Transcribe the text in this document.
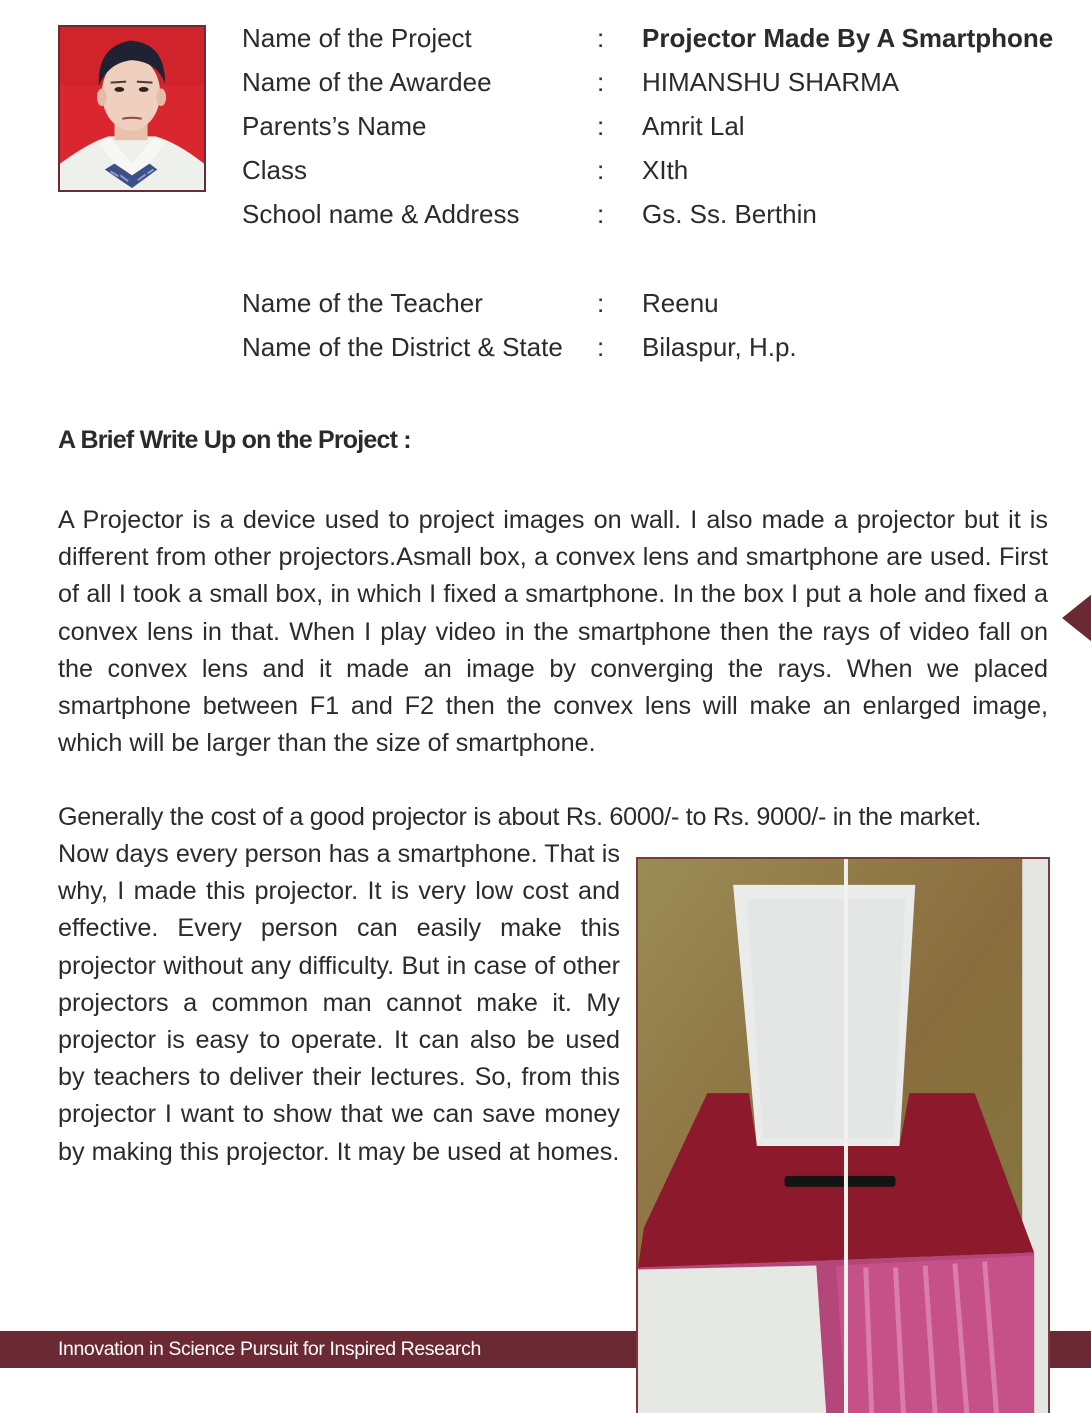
Name of the Project	: Projector Made By A Smartphone
Name of the Awardee	: HIMANSHU SHARMA
Parents’s Name	: Amrit Lal
Class	: XIth
School name & Address	: Gs. Ss. Berthin
Name of the Teacher	: Reenu
Name of the District & State : Bilaspur, H.p.
A Brief Write Up on the Project :

A Projector is a device used to project images on wall. I also made a projector but it is different from other projectors.Asmall box, a convex lens and smartphone are used. First of all I took a small box, in which I fixed a smartphone. In the box I put a hole and fixed a convex lens in that. When I play video in the smartphone then the rays of video fall on the convex lens and it made an image by converging the rays. When we placed smartphone between F1 and F2 then the convex lens will make an enlarged image, which will be larger than the size of smartphone.

Generally the cost of a good projector is about Rs. 6000/- to Rs. 9000/- in the market.

Now days every person has a smartphone. That is why, I made this projector. It is very low cost and effective. Every person can easily make this projector without any difficulty. But in case of other projectors a common man cannot make it. My projector is easy to operate. It can also be used by teachers to deliver their lectures. So, from this projector I want to show that we can save money by making this projector. It may be used at homes.

Innovation in Science Pursuit for Inspired Research
